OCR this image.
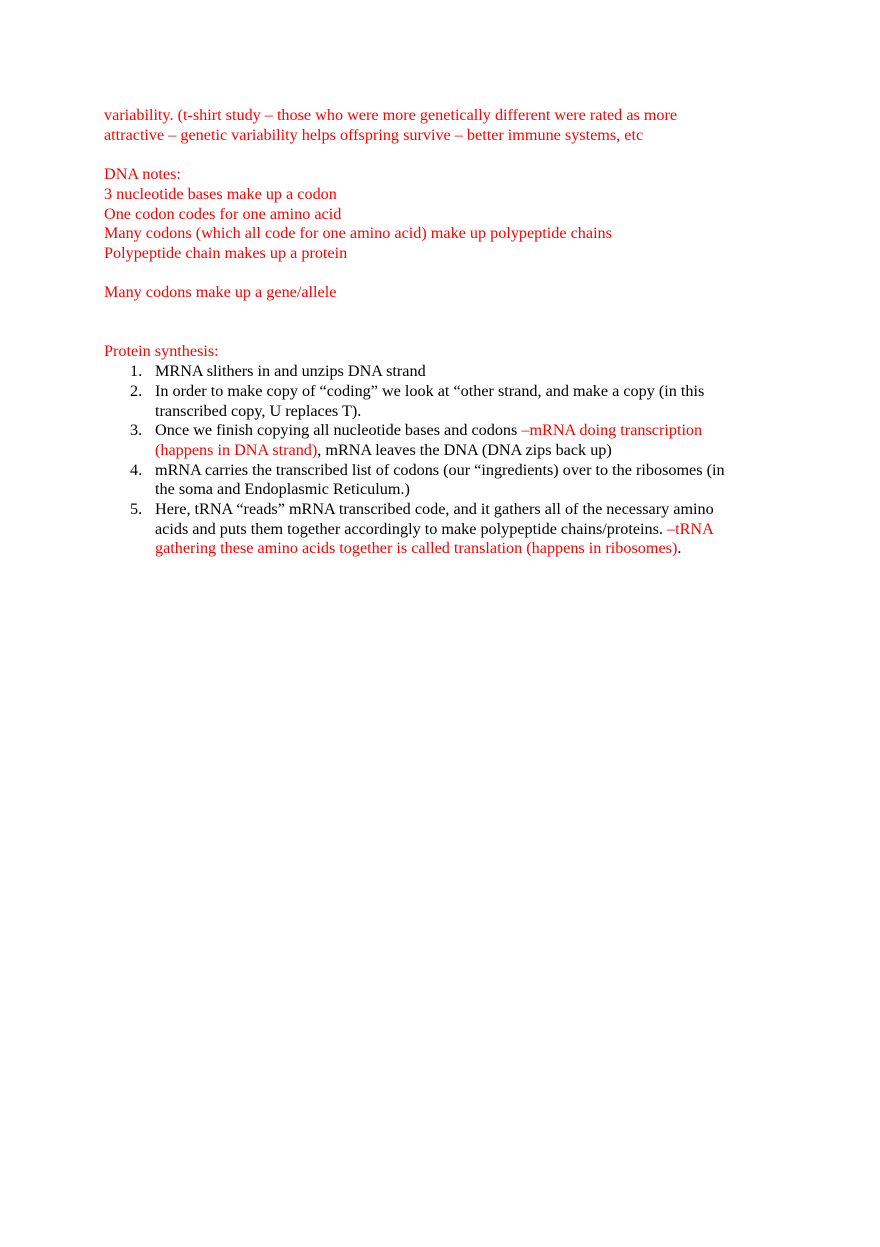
variability. (t-shirt study – those who were more genetically different were rated as more
attractive – genetic variability helps offspring survive – better immune systems, etc

DNA notes:
3 nucleotide bases make up a codon
One codon codes for one amino acid
Many codons (which all code for one amino acid) make up polypeptide chains
Polypeptide chain makes up a protein
Many codons make up a gene/allele
Protein synthesis:
1. MRNA slithers in and unzips DNA strand
2. In order to make copy of “coding” we look at “other strand, and make a copy (in this
transcribed copy, U replaces T).
3. Once we finish copying all nucleotide bases and codons –mRNA doing transcription
(happens in DNA strand), mRNA leaves the DNA (DNA zips back up)
4. mRNA carries the transcribed list of codons (our “ingredients) over to the ribosomes (in
the soma and Endoplasmic Reticulum.)
5. Here, tRNA “reads” mRNA transcribed code, and it gathers all of the necessary amino
acids and puts them together accordingly to make polypeptide chains/proteins. –tRNA
gathering these amino acids together is called translation (happens in ribosomes).
